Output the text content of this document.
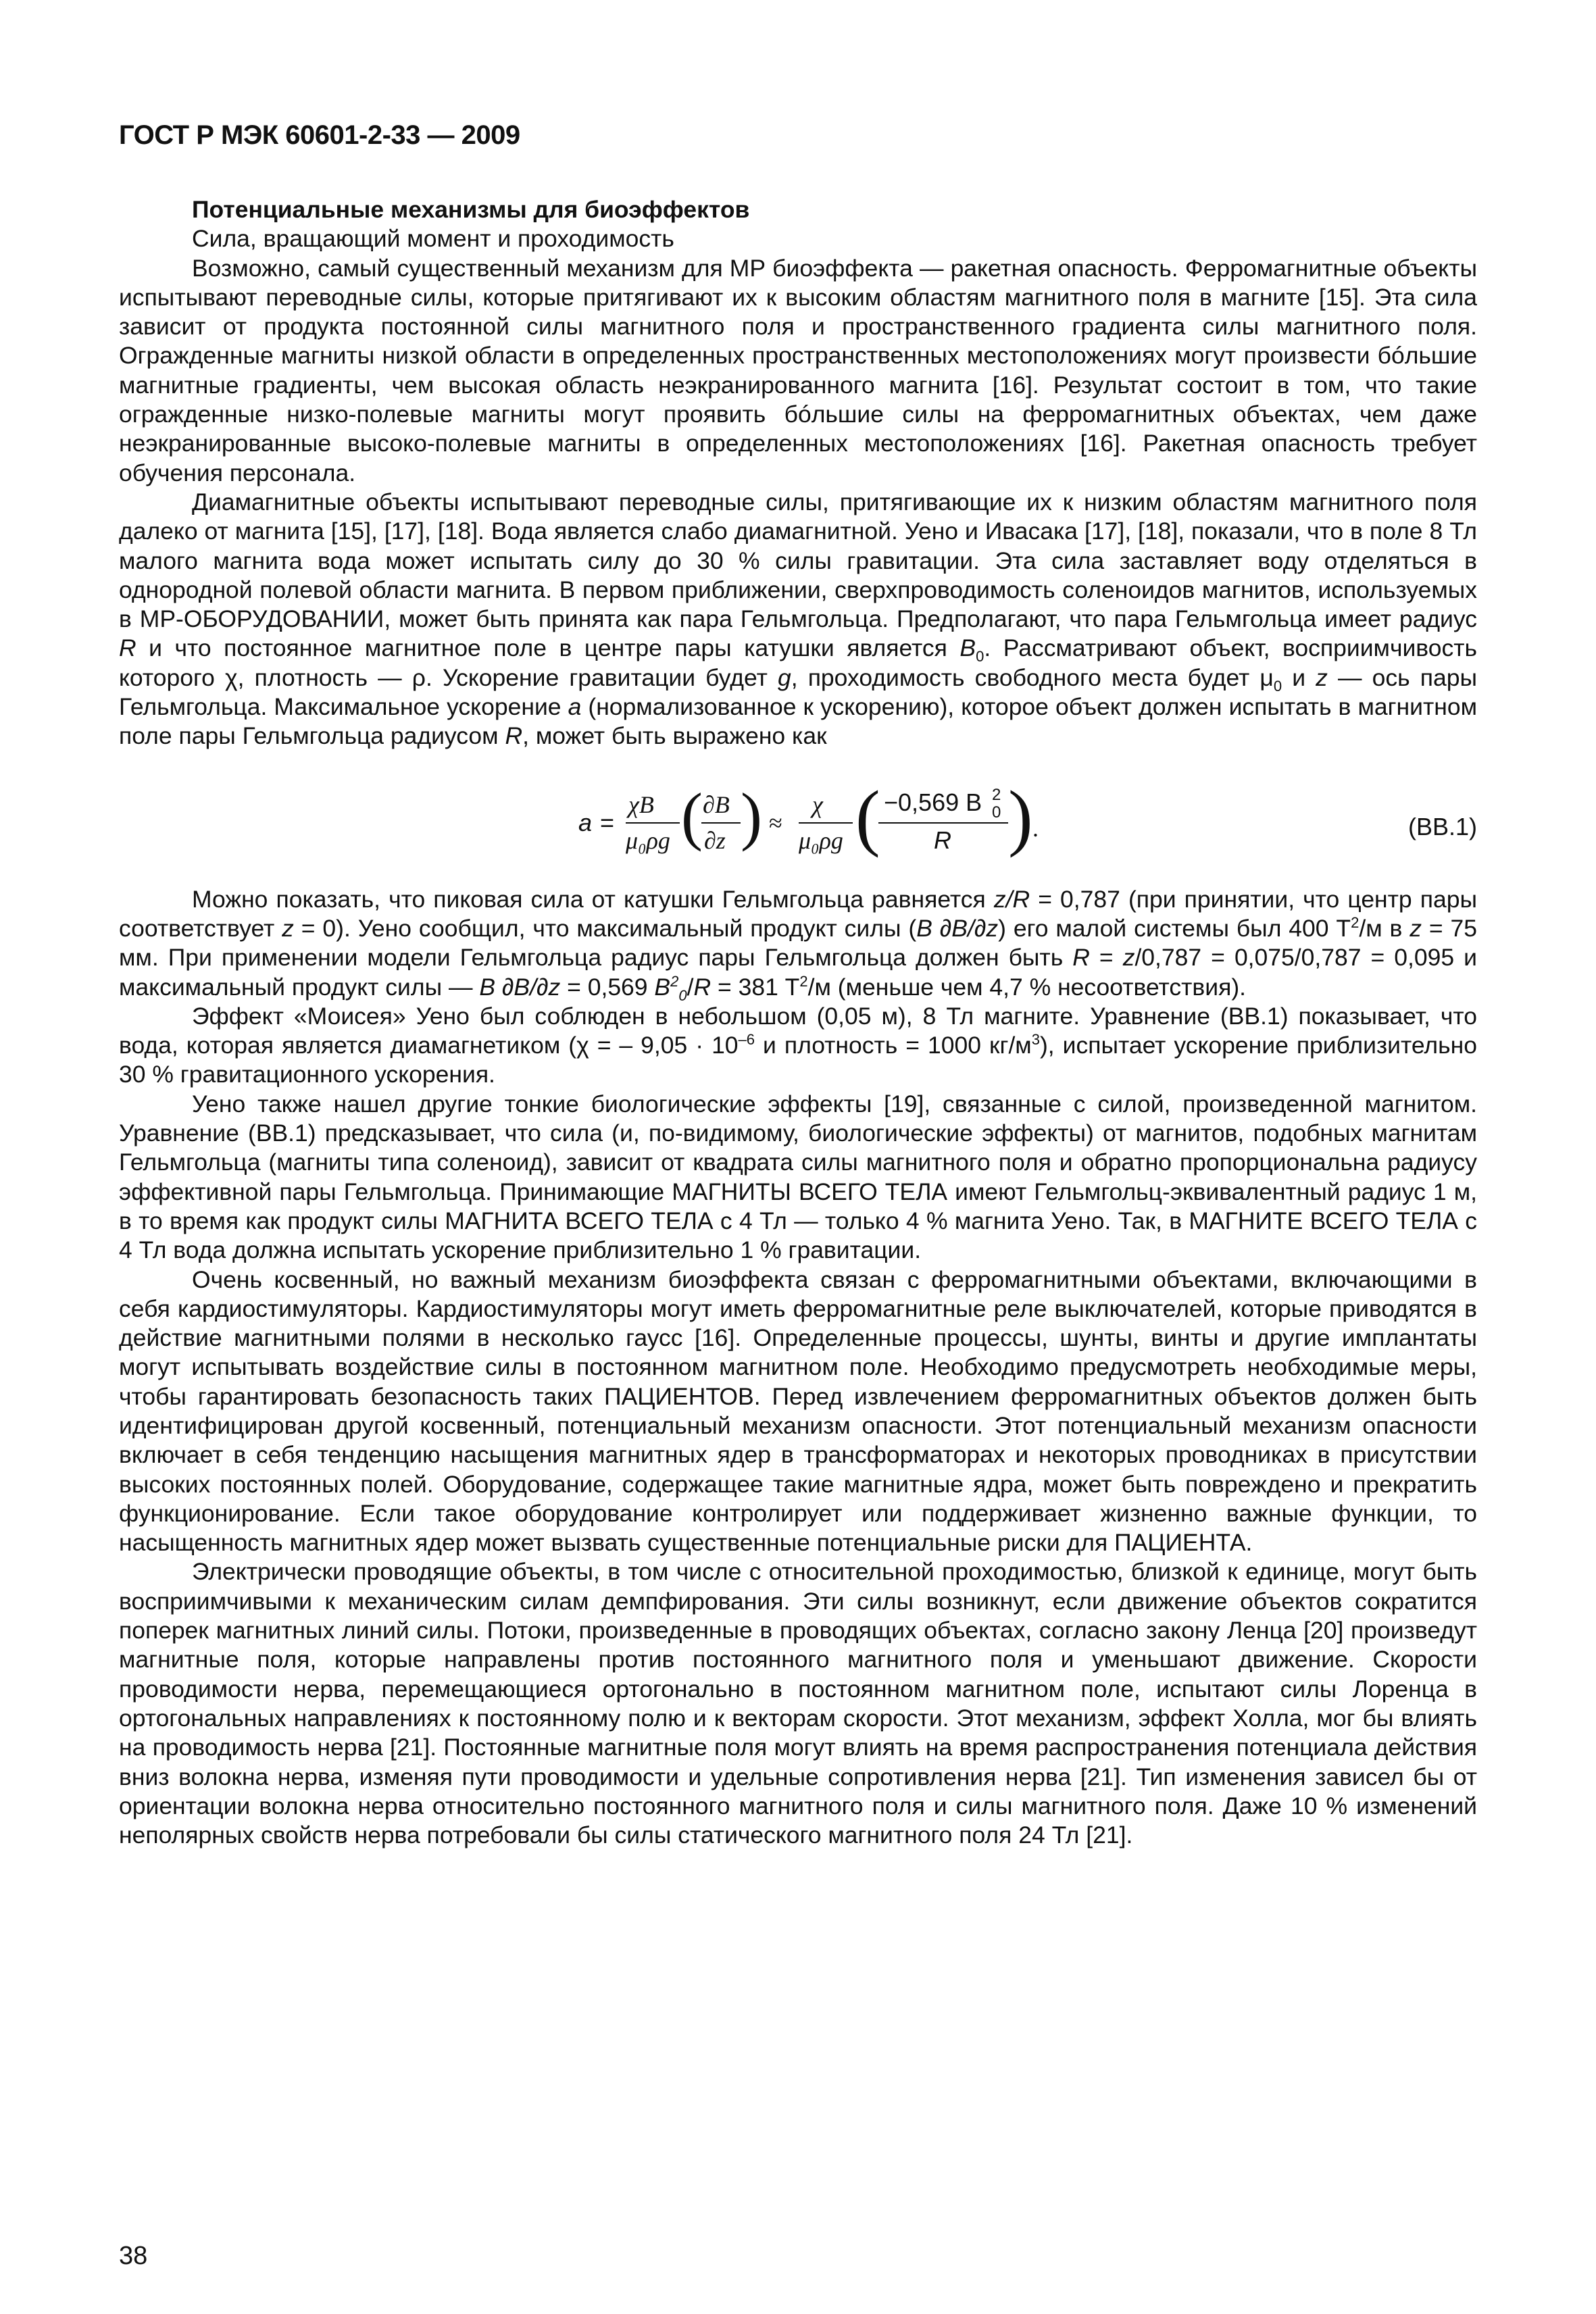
ГОСТ Р МЭК 60601-2-33 — 2009

Потенциальные механизмы для биоэффектов

Сила, вращающий момент и проходимость

Возможно, самый существенный механизм для МР биоэффекта — ракетная опасность. Ферромагнитные объекты испытывают переводные силы, которые притягивают их к высоким областям магнитного поля в магните [15]. Эта сила зависит от продукта постоянной силы магнитного поля и пространственного градиента силы магнитного поля. Огражденные магниты низкой области в определенных пространственных местоположениях могут произвести бóльшие магнитные градиенты, чем высокая область неэкранированного магнита [16]. Результат состоит в том, что такие огражденные низко-полевые магниты могут проявить бóльшие силы на ферромагнитных объектах, чем даже неэкранированные высоко-полевые магниты в определенных местоположениях [16]. Ракетная опасность требует обучения персонала.

Диамагнитные объекты испытывают переводные силы, притягивающие их к низким областям магнитного поля далеко от магнита [15], [17], [18]. Вода является слабо диамагнитной. Уено и Ивасака [17], [18], показали, что в поле 8 Тл малого магнита вода может испытать силу до 30 % силы гравитации. Эта сила заставляет воду отделяться в однородной полевой области магнита. В первом приближении, сверхпроводимость соленоидов магнитов, используемых в МР-ОБОРУДОВАНИИ, может быть принята как пара Гельмгольца. Предполагают, что пара Гельмгольца имеет радиус R и что постоянное магнитное поле в центре пары катушки является $B_0$. Рассматривают объект, восприимчивость которого χ, плотность — ρ. Ускорение гравитации будет g, проходимость свободного места будет $\mu_0$ и z — ось пары Гельмгольца. Максимальное ускорение a (нормализованное к ускорению), которое объект должен испытать в магнитном поле пары Гельмгольца радиусом R, может быть выражено как

a =
χB
μ₀ρg ( ∂B
∂z ) ≈
χ
μ₀ρg ( −0,569 B 2
0
R ) .	(ВВ.1)

Можно показать, что пиковая сила от катушки Гельмгольца равняется z/R = 0,787 (при принятии, что центр пары соответствует z = 0). Уено сообщил, что максимальный продукт силы (B ∂B/∂z) его малой системы был 400 $Т^2/м$ в z = 75 мм. При применении модели Гельмгольца радиус пары Гельмгольца должен быть R = z/0,787 = 0,075/0,787 = 0,095 и максимальный продукт силы — B ∂B/∂z = 0,569 $B^2_0/R = 381$ $Т^2/м$ (меньше чем 4,7 % несоответствия).

Эффект «Моисея» Уено был соблюден в небольшом (0,05 м), 8 Тл магните. Уравнение (ВВ.1) показывает, что вода, которая является диамагнетиком (χ = – $9,05 \cdot 10^{-6}$ и плотность = 1000 $кг/м^3$), испытает ускорение приблизительно 30 % гравитационного ускорения.

Уено также нашел другие тонкие биологические эффекты [19], связанные с силой, произведенной магнитом. Уравнение (ВВ.1) предсказывает, что сила (и, по-видимому, биологические эффекты) от магнитов, подобных магнитам Гельмгольца (магниты типа соленоид), зависит от квадрата силы магнитного поля и обратно пропорциональна радиусу эффективной пары Гельмгольца. Принимающие МАГНИТЫ ВСЕГО ТЕЛА имеют Гельмгольц-эквивалентный радиус 1 м, в то время как продукт силы МАГНИТА ВСЕГО ТЕЛА с 4 Тл — только 4 % магнита Уено. Так, в МАГНИТЕ ВСЕГО ТЕЛА с 4 Тл вода должна испытать ускорение приблизительно 1 % гравитации.

Очень косвенный, но важный механизм биоэффекта связан с ферромагнитными объектами, включающими в себя кардиостимуляторы. Кардиостимуляторы могут иметь ферромагнитные реле выключателей, которые приводятся в действие магнитными полями в несколько гаусс [16]. Определенные процессы, шунты, винты и другие имплантаты могут испытывать воздействие силы в постоянном магнитном поле. Необходимо предусмотреть необходимые меры, чтобы гарантировать безопасность таких ПАЦИЕНТОВ. Перед извлечением ферромагнитных объектов должен быть идентифицирован другой косвенный, потенциальный механизм опасности. Этот потенциальный механизм опасности включает в себя тенденцию насыщения магнитных ядер в трансформаторах и некоторых проводниках в присутствии высоких постоянных полей. Оборудование, содержащее такие магнитные ядра, может быть повреждено и прекратить функционирование. Если такое оборудование контролирует или поддерживает жизненно важные функции, то насыщенность магнитных ядер может вызвать существенные потенциальные риски для ПАЦИЕНТА.

Электрически проводящие объекты, в том числе с относительной проходимостью, близкой к единице, могут быть восприимчивыми к механическим силам демпфирования. Эти силы возникнут, если движение объектов сократится поперек магнитных линий силы. Потоки, произведенные в проводящих объектах, согласно закону Ленца [20] произведут магнитные поля, которые направлены против постоянного магнитного поля и уменьшают движение. Скорости проводимости нерва, перемещающиеся ортогонально в постоянном магнитном поле, испытают силы Лоренца в ортогональных направлениях к постоянному полю и к векторам скорости. Этот механизм, эффект Холла, мог бы влиять на проводимость нерва [21]. Постоянные магнитные поля могут влиять на время распространения потенциала действия вниз волокна нерва, изменяя пути проводимости и удельные сопротивления нерва [21]. Тип изменения зависел бы от ориентации волокна нерва относительно постоянного магнитного поля и силы магнитного поля. Даже 10 % изменений неполярных свойств нерва потребовали бы силы статического магнитного поля 24 Тл [21].

38
